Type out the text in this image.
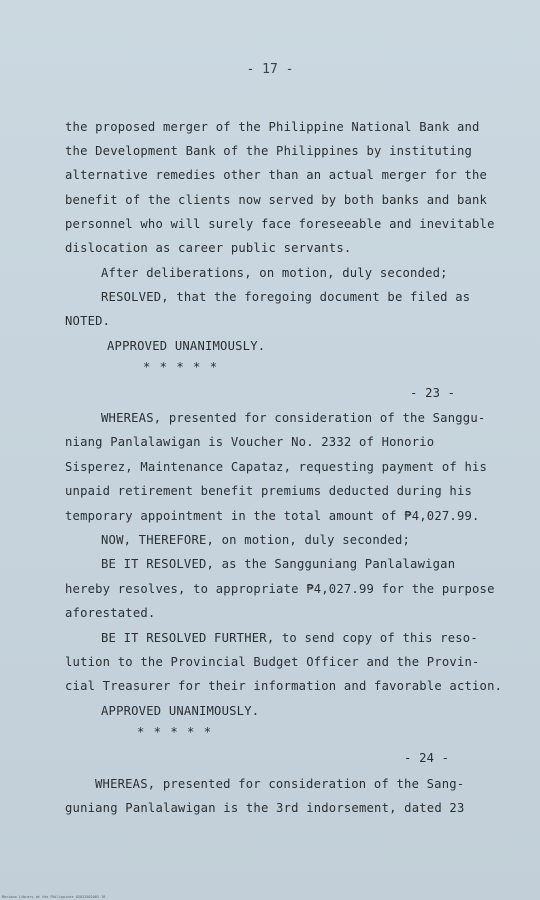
- 17 -
the proposed merger of the Philippine National Bank and
the Development Bank of the Philippines by instituting
alternative remedies other than an actual merger for the
benefit of the clients now served by both banks and bank
personnel who will surely face foreseeable and inevitable
dislocation as career public servants.
After deliberations, on motion, duly seconded;
RESOLVED, that the foregoing document be filed as
NOTED.
APPROVED UNANIMOUSLY.
* * * * *
- 23 -
WHEREAS, presented for consideration of the Sanggu-
niang Panlalawigan is Voucher No. 2332 of Honorio
Sisperez, Maintenance Capataz, requesting payment of his
unpaid retirement benefit premiums deducted during his
temporary appointment in the total amount of ₱4,027.99.
NOW, THEREFORE, on motion, duly seconded;
BE IT RESOLVED, as the Sangguniang Panlalawigan
hereby resolves, to appropriate ₱4,027.99 for the purpose
aforestated.
BE IT RESOLVED FURTHER, to send copy of this reso-
lution to the Provincial Budget Officer and the Provin-
cial Treasurer for their information and favorable action.
APPROVED UNANIMOUSLY.
* * * * *
- 24 -
WHEREAS, presented for consideration of the Sang-
guniang Panlalawigan is the 3rd indorsement, dated 23
Mariano Library at the Philippines 02032902003 18
